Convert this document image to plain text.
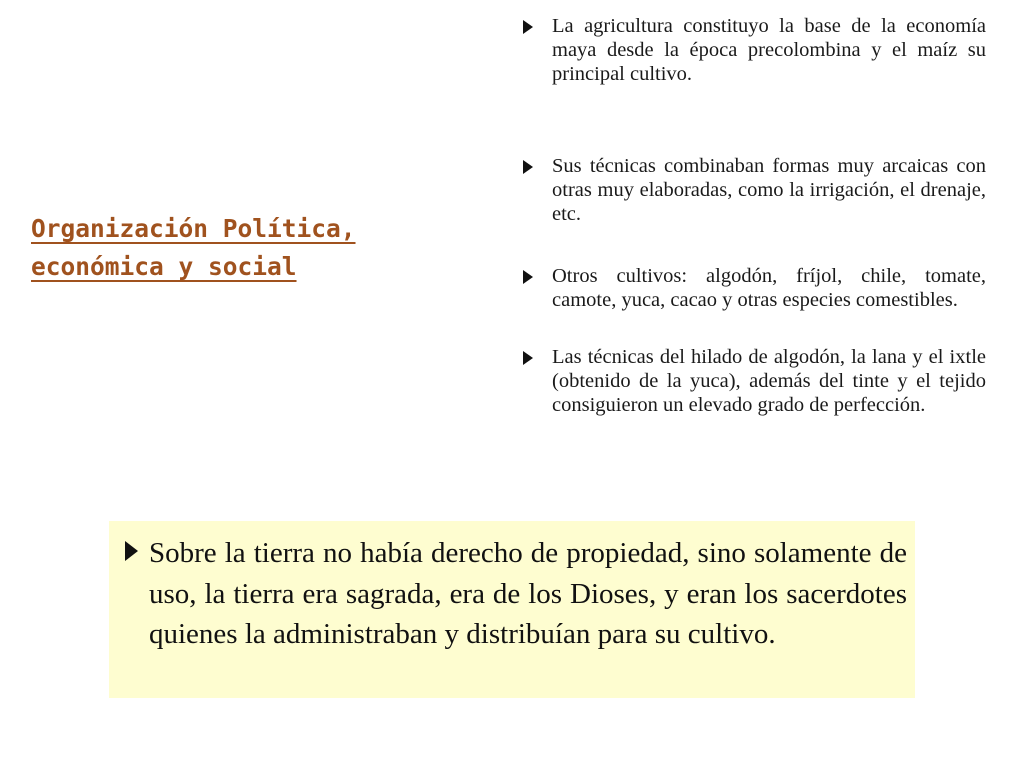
Organización Política,
económica y social
La agricultura constituyo la base de la economía maya desde la época precolombina y el maíz su principal cultivo.
Sus técnicas combinaban formas muy arcaicas con otras muy elaboradas, como la irrigación, el drenaje, etc.
Otros cultivos: algodón, fríjol, chile, tomate, camote, yuca, cacao y otras especies comestibles.
Las técnicas del hilado de algodón, la lana y el ixtle (obtenido de la yuca), además del tinte y el tejido consiguieron un elevado grado de perfección.

Sobre la tierra no había derecho de propiedad, sino solamente de uso, la tierra era sagrada, era de los Dioses, y eran los sacerdotes quienes la administraban y distribuían para su cultivo.
